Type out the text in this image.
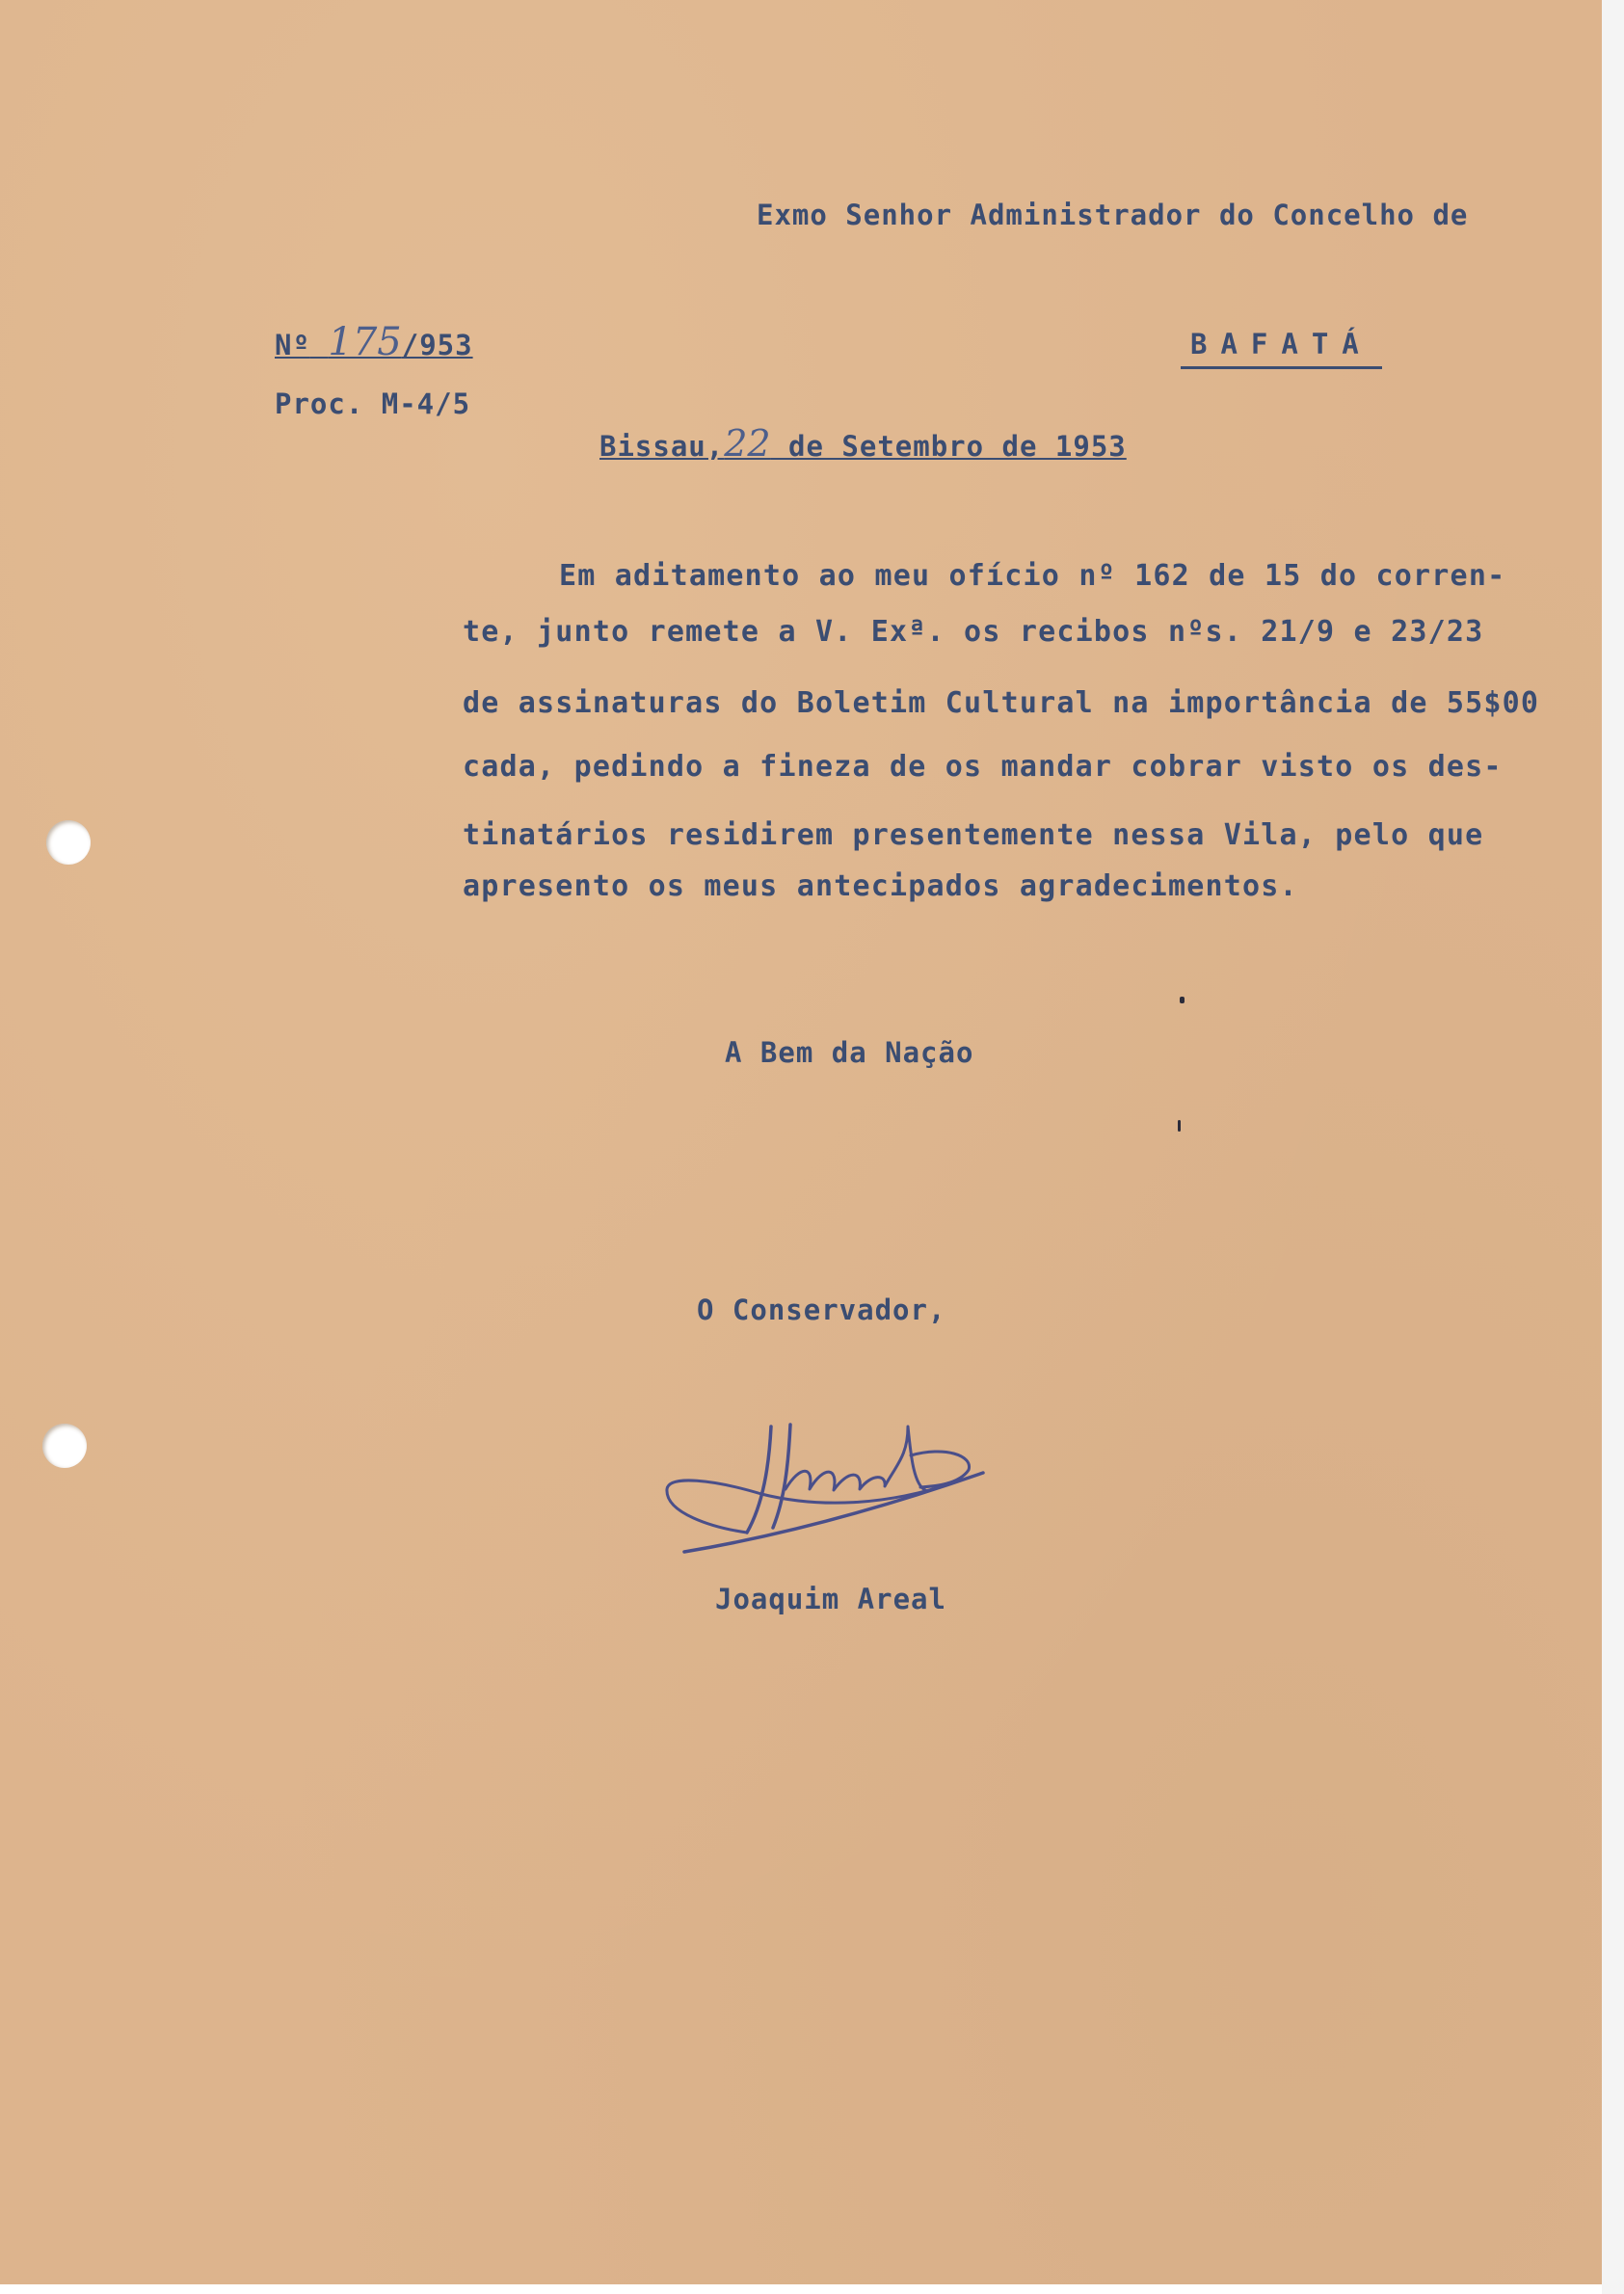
Exmo Senhor Administrador do Concelho de
Nº 175/953	BAFATÁ
Proc. M-4/5
Bissau,22 de Setembro de 1953
Em aditamento ao meu ofício nº 162 de 15 do corren-
te, junto remete a V. Exª. os recibos nºs. 21/9 e 23/23
de assinaturas do Boletim Cultural na importância de 55$00
cada, pedindo a fineza de os mandar cobrar visto os des-
tinatários residirem presentemente nessa Vila, pelo que
apresento os meus antecipados agradecimentos.
A Bem da Nação
O Conservador,
Joaquim Areal
